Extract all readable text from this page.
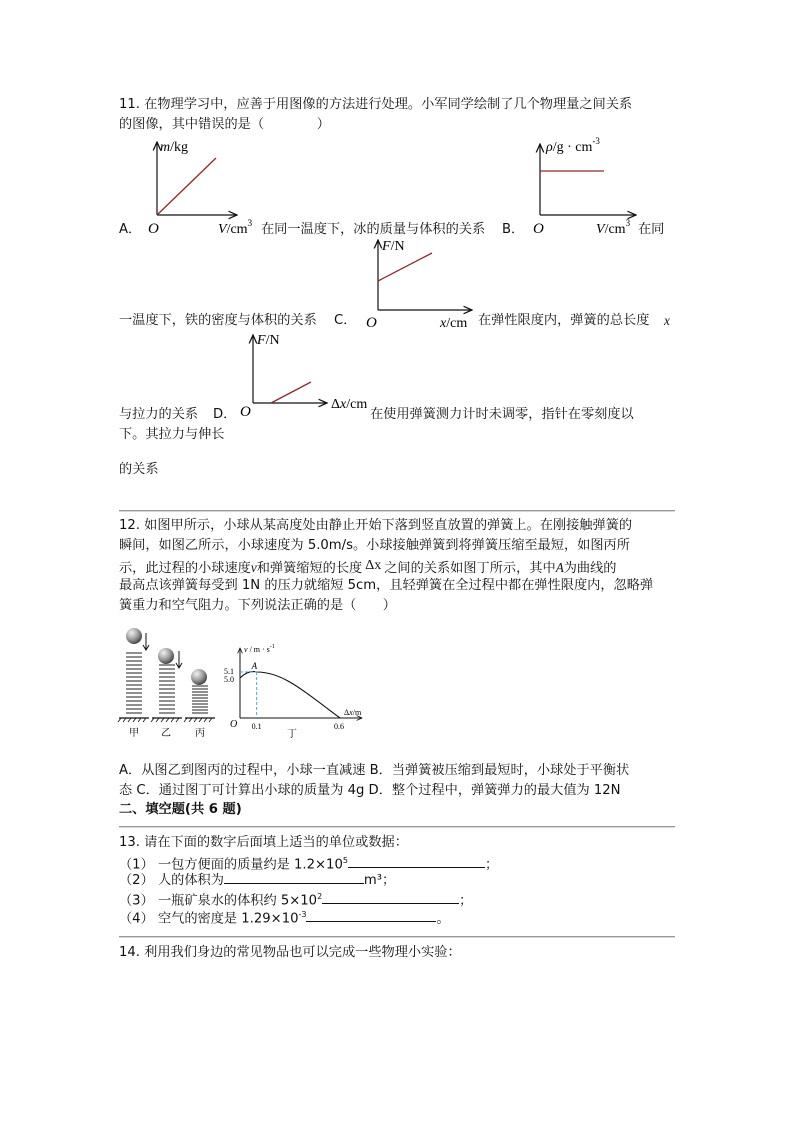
11. 在物理学习中，应善于用图像的方法进行处理。小军同学绘制了几个物理量之间关系
的图像，其中错误的是（　　　　）
m/kg
O	$V/cm^3$
A．	在同一温度下，冰的质量与体积的关系 B．
$\rho/g \cdot cm^{-3}$
O	$V/cm^3$ 在同
F/N
O	x/cm
一温度下，铁的密度与体积的关系 C．	在弹性限度内，弹簧的总长度 x
F/N
O	Δx/cm
与拉力的关系 D．	在使用弹簧测力计时未调零，指针在零刻度以
下。其拉力与伸长
的关系
12. 如图甲所示，小球从某高度处由静止开始下落到竖直放置的弹簧上。在刚接触弹簧的
瞬间，如图乙所示，小球速度为 5.0m/s。小球接触弹簧到将弹簧压缩至最短，如图丙所
示，此过程的小球速度v和弹簧缩短的长度 Δx 之间的关系如图丁所示，其中A为曲线的
最高点该弹簧每受到 1N 的压力就缩短 5cm，且轻弹簧在全过程中都在弹性限度内，忽略弹
簧重力和空气阻力。下列说法正确的是（　　）
甲 乙 丙
$v / m \cdot s^{-1}$
A
5.1
5.0
O 0.1	0.6
Δx/m
丁
A．从图乙到图丙的过程中，小球一直减速 B．当弹簧被压缩到最短时，小球处于平衡状
态 C．通过图丁可计算出小球的质量为 4g D．整个过程中，弹簧弹力的最大值为 12N
二、填空题(共 6 题)
13. 请在下面的数字后面填上适当的单位或数据：
（1） 一包方便面的质量约是 $1.2\times 10^5$	；
（2） 人的体积为	m³；
（3） 一瓶矿泉水的体积约 $5\times 10^2$	；
（4） 空气的密度是 $1.29\times 10^{-3}$	。
14. 利用我们身边的常见物品也可以完成一些物理小实验：
